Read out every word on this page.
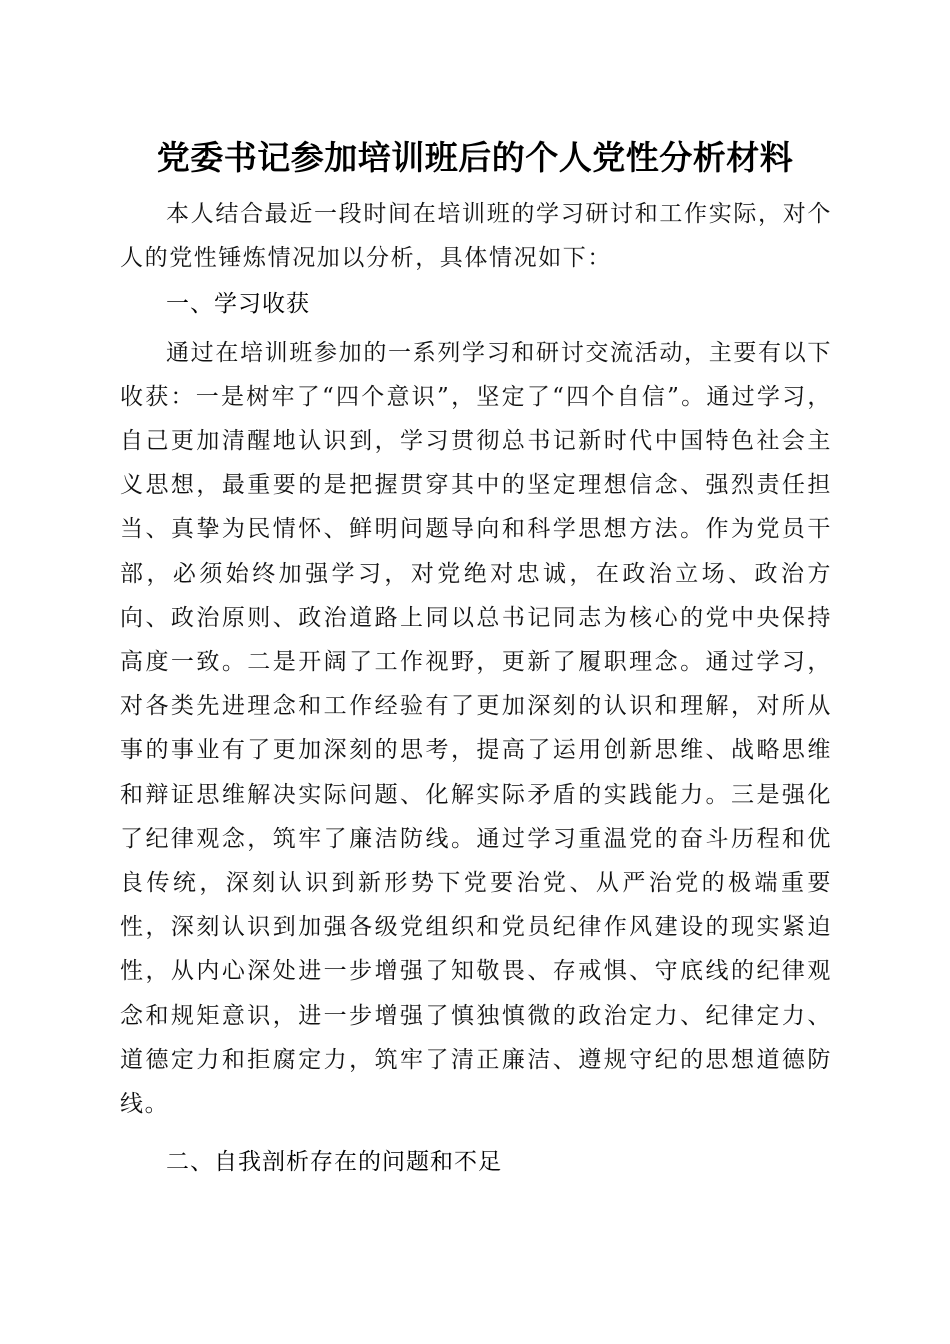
党委书记参加培训班后的个人党性分析材料

本人结合最近一段时间在培训班的学习研讨和工作实际，对个人的党性锤炼情况加以分析，具体情况如下：

一、学习收获

通过在培训班参加的一系列学习和研讨交流活动，主要有以下收获：一是树牢了“四个意识”，坚定了“四个自信”。通过学习，自己更加清醒地认识到，学习贯彻总书记新时代中国特色社会主义思想，最重要的是把握贯穿其中的坚定理想信念、强烈责任担当、真挚为民情怀、鲜明问题导向和科学思想方法。作为党员干部，必须始终加强学习，对党绝对忠诚，在政治立场、政治方向、政治原则、政治道路上同以总书记同志为核心的党中央保持高度一致。二是开阔了工作视野，更新了履职理念。通过学习，对各类先进理念和工作经验有了更加深刻的认识和理解，对所从事的事业有了更加深刻的思考，提高了运用创新思维、战略思维和辩证思维解决实际问题、化解实际矛盾的实践能力。三是强化了纪律观念，筑牢了廉洁防线。通过学习重温党的奋斗历程和优良传统，深刻认识到新形势下党要治党、从严治党的极端重要性，深刻认识到加强各级党组织和党员纪律作风建设的现实紧迫性，从内心深处进一步增强了知敬畏、存戒惧、守底线的纪律观念和规矩意识，进一步增强了慎独慎微的政治定力、纪律定力、道德定力和拒腐定力，筑牢了清正廉洁、遵规守纪的思想道德防线。

二、自我剖析存在的问题和不足
